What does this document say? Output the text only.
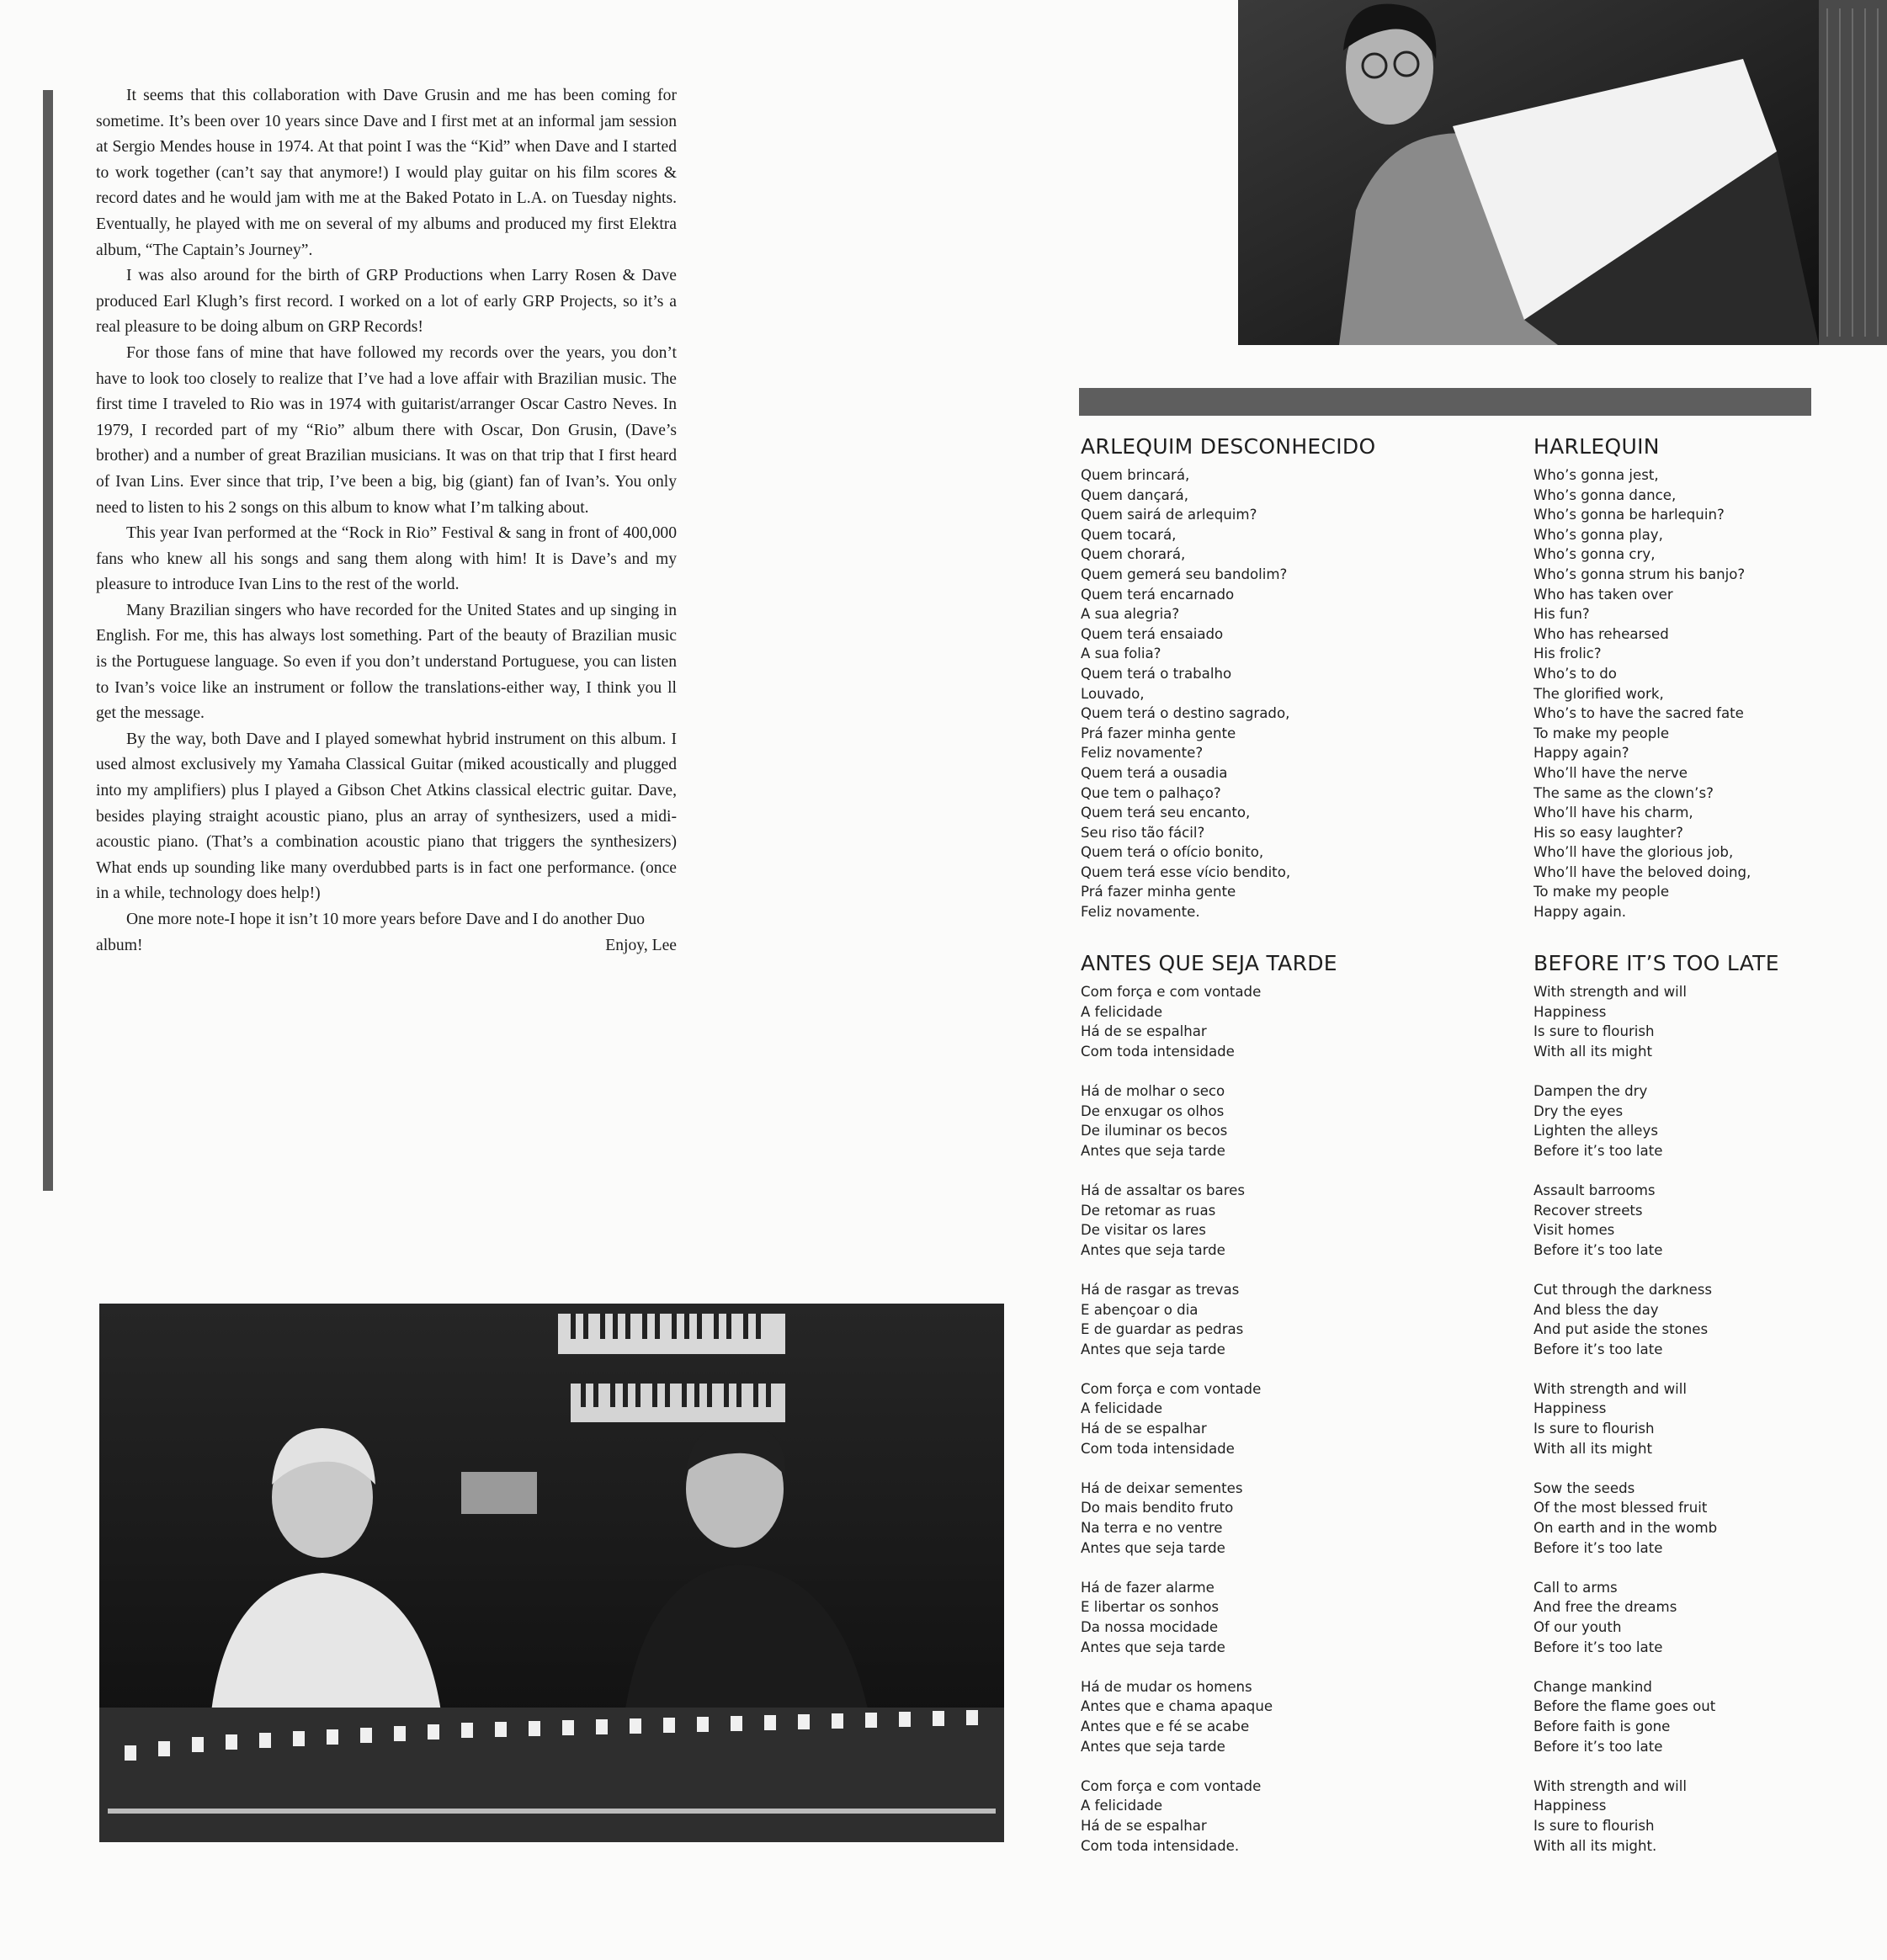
It seems that this collaboration with Dave Grusin and me has been coming for sometime. It’s been over 10 years since Dave and I first met at an informal jam session at Sergio Mendes house in 1974. At that point I was the “Kid” when Dave and I started to work together (can’t say that anymore!) I would play guitar on his film scores & record dates and he would jam with me at the Baked Potato in L.A. on Tuesday nights. Eventually, he played with me on several of my albums and produced my first Elektra album, “The Captain’s Journey”.

I was also around for the birth of GRP Productions when Larry Rosen & Dave produced Earl Klugh’s first record. I worked on a lot of early GRP Projects, so it’s a real pleasure to be doing album on GRP Records!

For those fans of mine that have followed my records over the years, you don’t have to look too closely to realize that I’ve had a love affair with Brazilian music. The first time I traveled to Rio was in 1974 with guitarist/arranger Oscar Castro Neves. In 1979, I recorded part of my “Rio” album there with Oscar, Don Grusin, (Dave’s brother) and a number of great Brazilian musicians. It was on that trip that I first heard of Ivan Lins. Ever since that trip, I’ve been a big, big (giant) fan of Ivan’s. You only need to listen to his 2 songs on this album to know what I’m talking about.

This year Ivan performed at the “Rock in Rio” Festival & sang in front of 400,000 fans who knew all his songs and sang them along with him! It is Dave’s and my pleasure to introduce Ivan Lins to the rest of the world.

Many Brazilian singers who have recorded for the United States and up singing in English. For me, this has always lost something. Part of the beauty of Brazilian music is the Portuguese language. So even if you don’t understand Portuguese, you can listen to Ivan’s voice like an instrument or follow the translations-either way, I think you ll get the message.

By the way, both Dave and I played somewhat hybrid instrument on this album. I used almost exclusively my Yamaha Classical Guitar (miked acoustically and plugged into my amplifiers) plus I played a Gibson Chet Atkins classical electric guitar. Dave, besides playing straight acoustic piano, plus an array of synthesizers, used a midi-acoustic piano. (That’s a combination acoustic piano that triggers the synthesizers) What ends up sounding like many overdubbed parts is in fact one performance. (once in a while, technology does help!)

One more note-I hope it isn’t 10 more years before Dave and I do another Duo album!	Enjoy, Lee

ARLEQUIM DESCONHECIDO
Quem brincará,
Quem dançará,
Quem sairá de arlequim?
Quem tocará,
Quem chorará,
Quem gemerá seu bandolim?
Quem terá encarnado
A sua alegria?
Quem terá ensaiado
A sua folia?
Quem terá o trabalho
Louvado,
Quem terá o destino sagrado,
Prá fazer minha gente
Feliz novamente?
Quem terá a ousadia
Que tem o palhaço?
Quem terá seu encanto,
Seu riso tão fácil?
Quem terá o ofício bonito,
Quem terá esse vício bendito,
Prá fazer minha gente
Feliz novamente.
HARLEQUIN
Who’s gonna jest,
Who’s gonna dance,
Who’s gonna be harlequin?
Who’s gonna play,
Who’s gonna cry,
Who’s gonna strum his banjo?
Who has taken over
His fun?
Who has rehearsed
His frolic?
Who’s to do
The glorified work,
Who’s to have the sacred fate
To make my people
Happy again?
Who’ll have the nerve
The same as the clown’s?
Who’ll have his charm,
His so easy laughter?
Who’ll have the glorious job,
Who’ll have the beloved doing,
To make my people
Happy again.
ANTES QUE SEJA TARDE
Com força e com vontade
A felicidade
Há de se espalhar
Com toda intensidade
Há de molhar o seco
De enxugar os olhos
De iluminar os becos
Antes que seja tarde
Há de assaltar os bares
De retomar as ruas
De visitar os lares
Antes que seja tarde
Há de rasgar as trevas
E abençoar o dia
E de guardar as pedras
Antes que seja tarde
Com força e com vontade
A felicidade
Há de se espalhar
Com toda intensidade
Há de deixar sementes
Do mais bendito fruto
Na terra e no ventre
Antes que seja tarde
Há de fazer alarme
E libertar os sonhos
Da nossa mocidade
Antes que seja tarde
Há de mudar os homens
Antes que e chama apaque
Antes que e fé se acabe
Antes que seja tarde
Com força e com vontade
A felicidade
Há de se espalhar
Com toda intensidade.
BEFORE IT’S TOO LATE
With strength and will
Happiness
Is sure to flourish
With all its might
Dampen the dry
Dry the eyes
Lighten the alleys
Before it’s too late
Assault barrooms
Recover streets
Visit homes
Before it’s too late
Cut through the darkness
And bless the day
And put aside the stones
Before it’s too late
With strength and will
Happiness
Is sure to flourish
With all its might
Sow the seeds
Of the most blessed fruit
On earth and in the womb
Before it’s too late
Call to arms
And free the dreams
Of our youth
Before it’s too late
Change mankind
Before the flame goes out
Before faith is gone
Before it’s too late
With strength and will
Happiness
Is sure to flourish
With all its might.
